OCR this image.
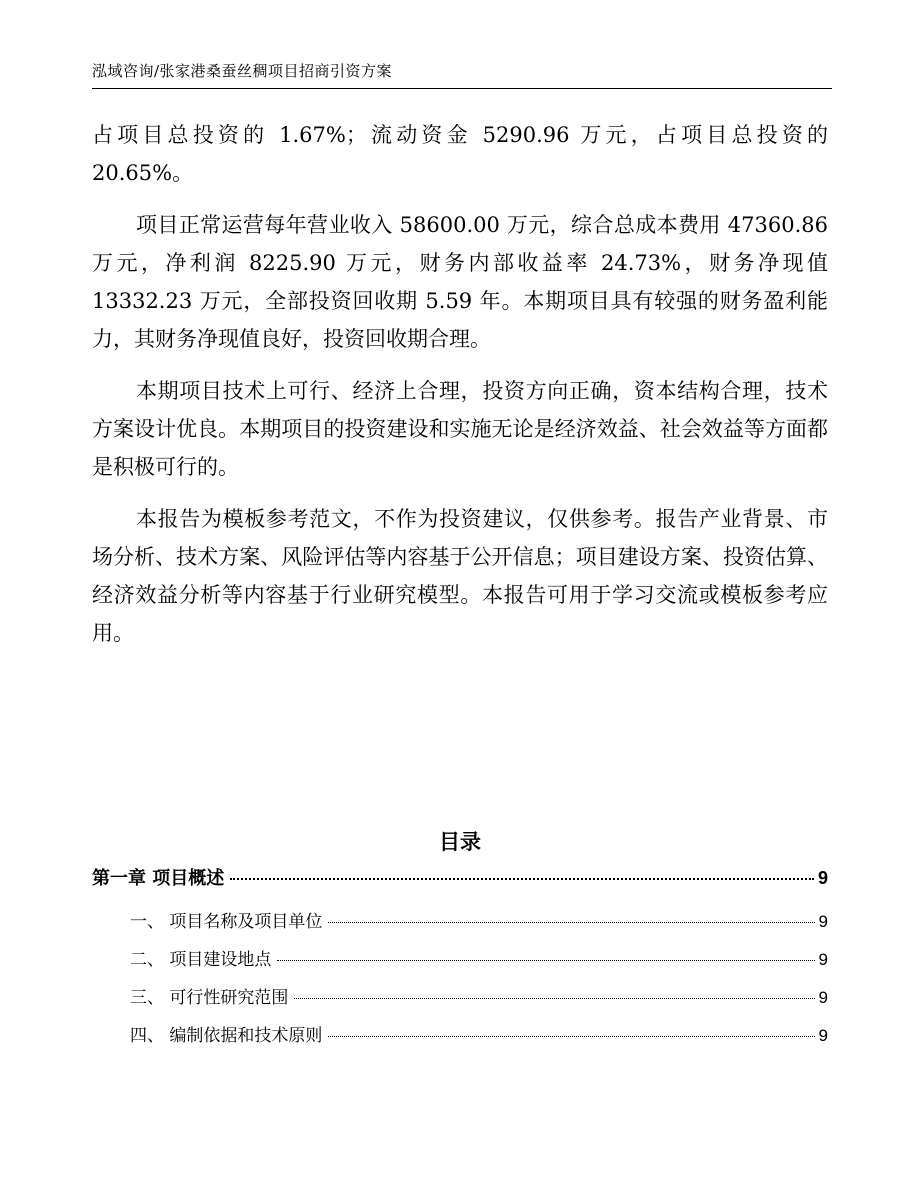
泓域咨询/张家港桑蚕丝稠项目招商引资方案

占项目总投资的 1.67%；流动资金 5290.96 万元，占项目总投资的 20.65%。

项目正常运营每年营业收入 58600.00 万元，综合总成本费用 47360.86 万元，净利润 8225.90 万元，财务内部收益率 24.73%，财务净现值 13332.23 万元，全部投资回收期 5.59 年。本期项目具有较强的财务盈利能力，其财务净现值良好，投资回收期合理。

本期项目技术上可行、经济上合理，投资方向正确，资本结构合理，技术方案设计优良。本期项目的投资建设和实施无论是经济效益、社会效益等方面都是积极可行的。

本报告为模板参考范文，不作为投资建议，仅供参考。报告产业背景、市场分析、技术方案、风险评估等内容基于公开信息；项目建设方案、投资估算、经济效益分析等内容基于行业研究模型。本报告可用于学习交流或模板参考应用。

目录
第一章 项目概述	9
一、 项目名称及项目单位	9
二、 项目建设地点	9
三、 可行性研究范围	9
四、 编制依据和技术原则	9
